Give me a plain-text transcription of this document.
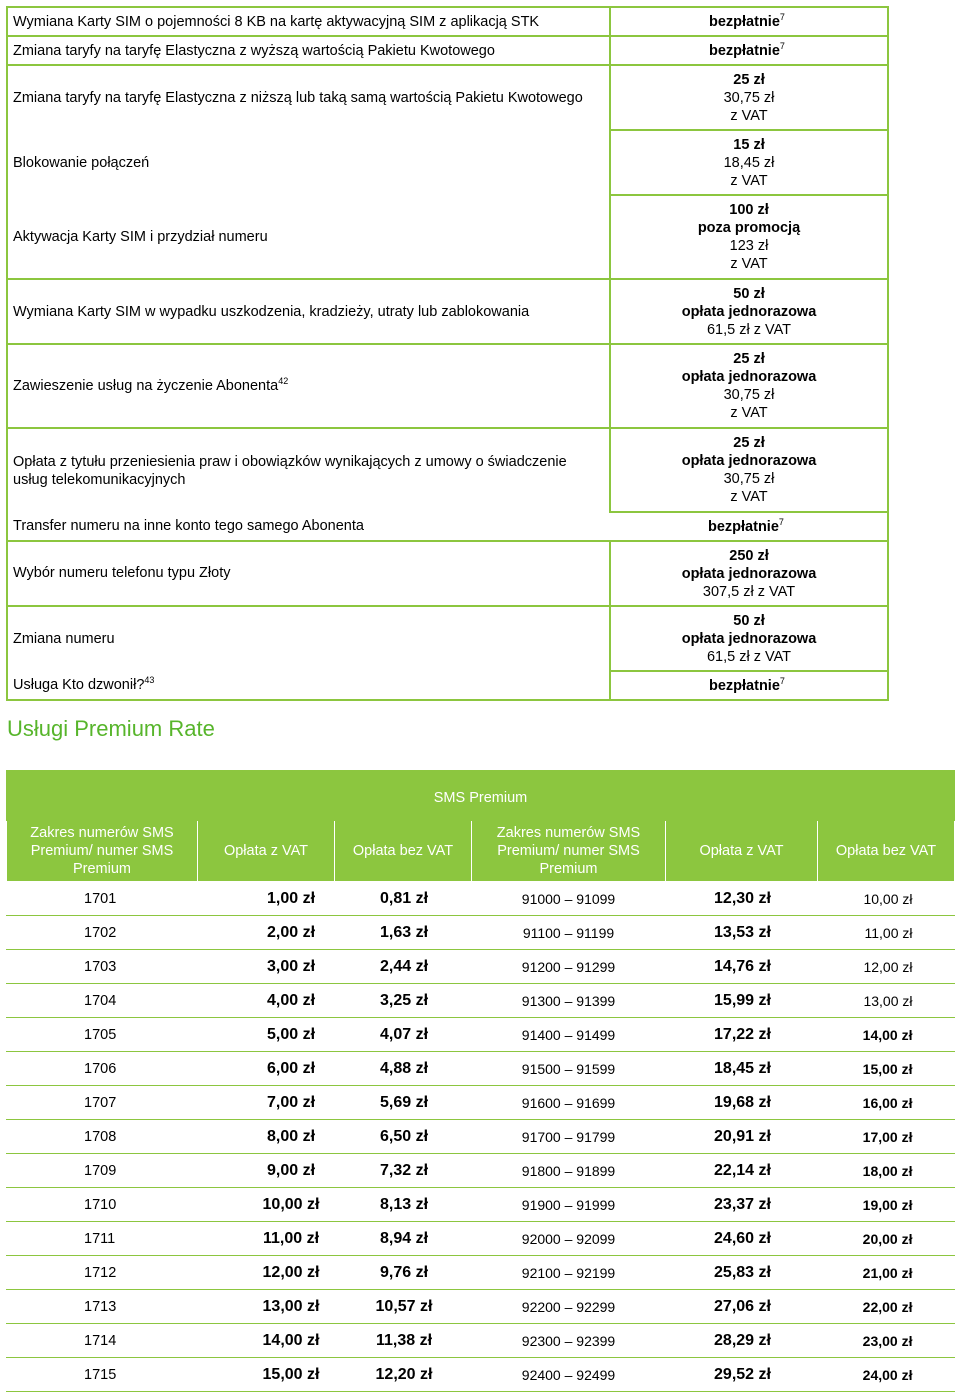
Wymiana Karty SIM o pojemności 8 KB na kartę aktywacyjną SIM z aplikacją STK	bezpłatnie$^7$
Zmiana taryfy na taryfę Elastyczna z wyższą wartością Pakietu Kwotowego	bezpłatnie$^7$
Zmiana taryfy na taryfę Elastyczna z niższą lub taką samą wartością Pakietu Kwotowego	25 zł
30,75 zł
z VAT

Blokowanie połączeń	15 zł
18,45 zł
z VAT

Aktywacja Karty SIM i przydział numeru	100 zł
poza promocją
123 zł
z VAT

Wymiana Karty SIM w wypadku uszkodzenia, kradzieży, utraty lub zablokowania	50 zł
opłata jednorazowa
61,5 zł z VAT

Zawieszenie usług na życzenie Abonenta$^{42}$	25 zł
opłata jednorazowa
30,75 zł
z VAT

Opłata z tytułu przeniesienia praw i obowiązków wynikających z umowy o świadczenie usług telekomunikacyjnych	25 zł
opłata jednorazowa
30,75 zł
z VAT

Transfer numeru na inne konto tego samego Abonenta	bezpłatnie$^7$
Wybór numeru telefonu typu Złoty	250 zł
opłata jednorazowa
307,5 zł z VAT

Zmiana numeru	50 zł
opłata jednorazowa
61,5 zł z VAT

Usługa Kto dzwonił?$^{43}$	bezpłatnie$^7$
Usługi Premium Rate
SMS Premium					
Zakres numerów SMS Premium/ numer SMS Premium	Opłata z VAT	Opłata bez VAT	Zakres numerów SMS Premium/ numer SMS Premium	Opłata z VAT	Opłata bez VAT
1701	1,00 zł	0,81 zł	91000 – 91099	12,30 zł	10,00 zł
1702	2,00 zł	1,63 zł	91100 – 91199	13,53 zł	11,00 zł
1703	3,00 zł	2,44 zł	91200 – 91299	14,76 zł	12,00 zł
1704	4,00 zł	3,25 zł	91300 – 91399	15,99 zł	13,00 zł
1705	5,00 zł	4,07 zł	91400 – 91499	17,22 zł	14,00 zł
1706	6,00 zł	4,88 zł	91500 – 91599	18,45 zł	15,00 zł
1707	7,00 zł	5,69 zł	91600 – 91699	19,68 zł	16,00 zł
1708	8,00 zł	6,50 zł	91700 – 91799	20,91 zł	17,00 zł
1709	9,00 zł	7,32 zł	91800 – 91899	22,14 zł	18,00 zł
1710	10,00 zł	8,13 zł	91900 – 91999	23,37 zł	19,00 zł
1711	11,00 zł	8,94 zł	92000 – 92099	24,60 zł	20,00 zł
1712	12,00 zł	9,76 zł	92100 – 92199	25,83 zł	21,00 zł
1713	13,00 zł	10,57 zł	92200 – 92299	27,06 zł	22,00 zł
1714	14,00 zł	11,38 zł	92300 – 92399	28,29 zł	23,00 zł
1715	15,00 zł	12,20 zł	92400 – 92499	29,52 zł	24,00 zł
